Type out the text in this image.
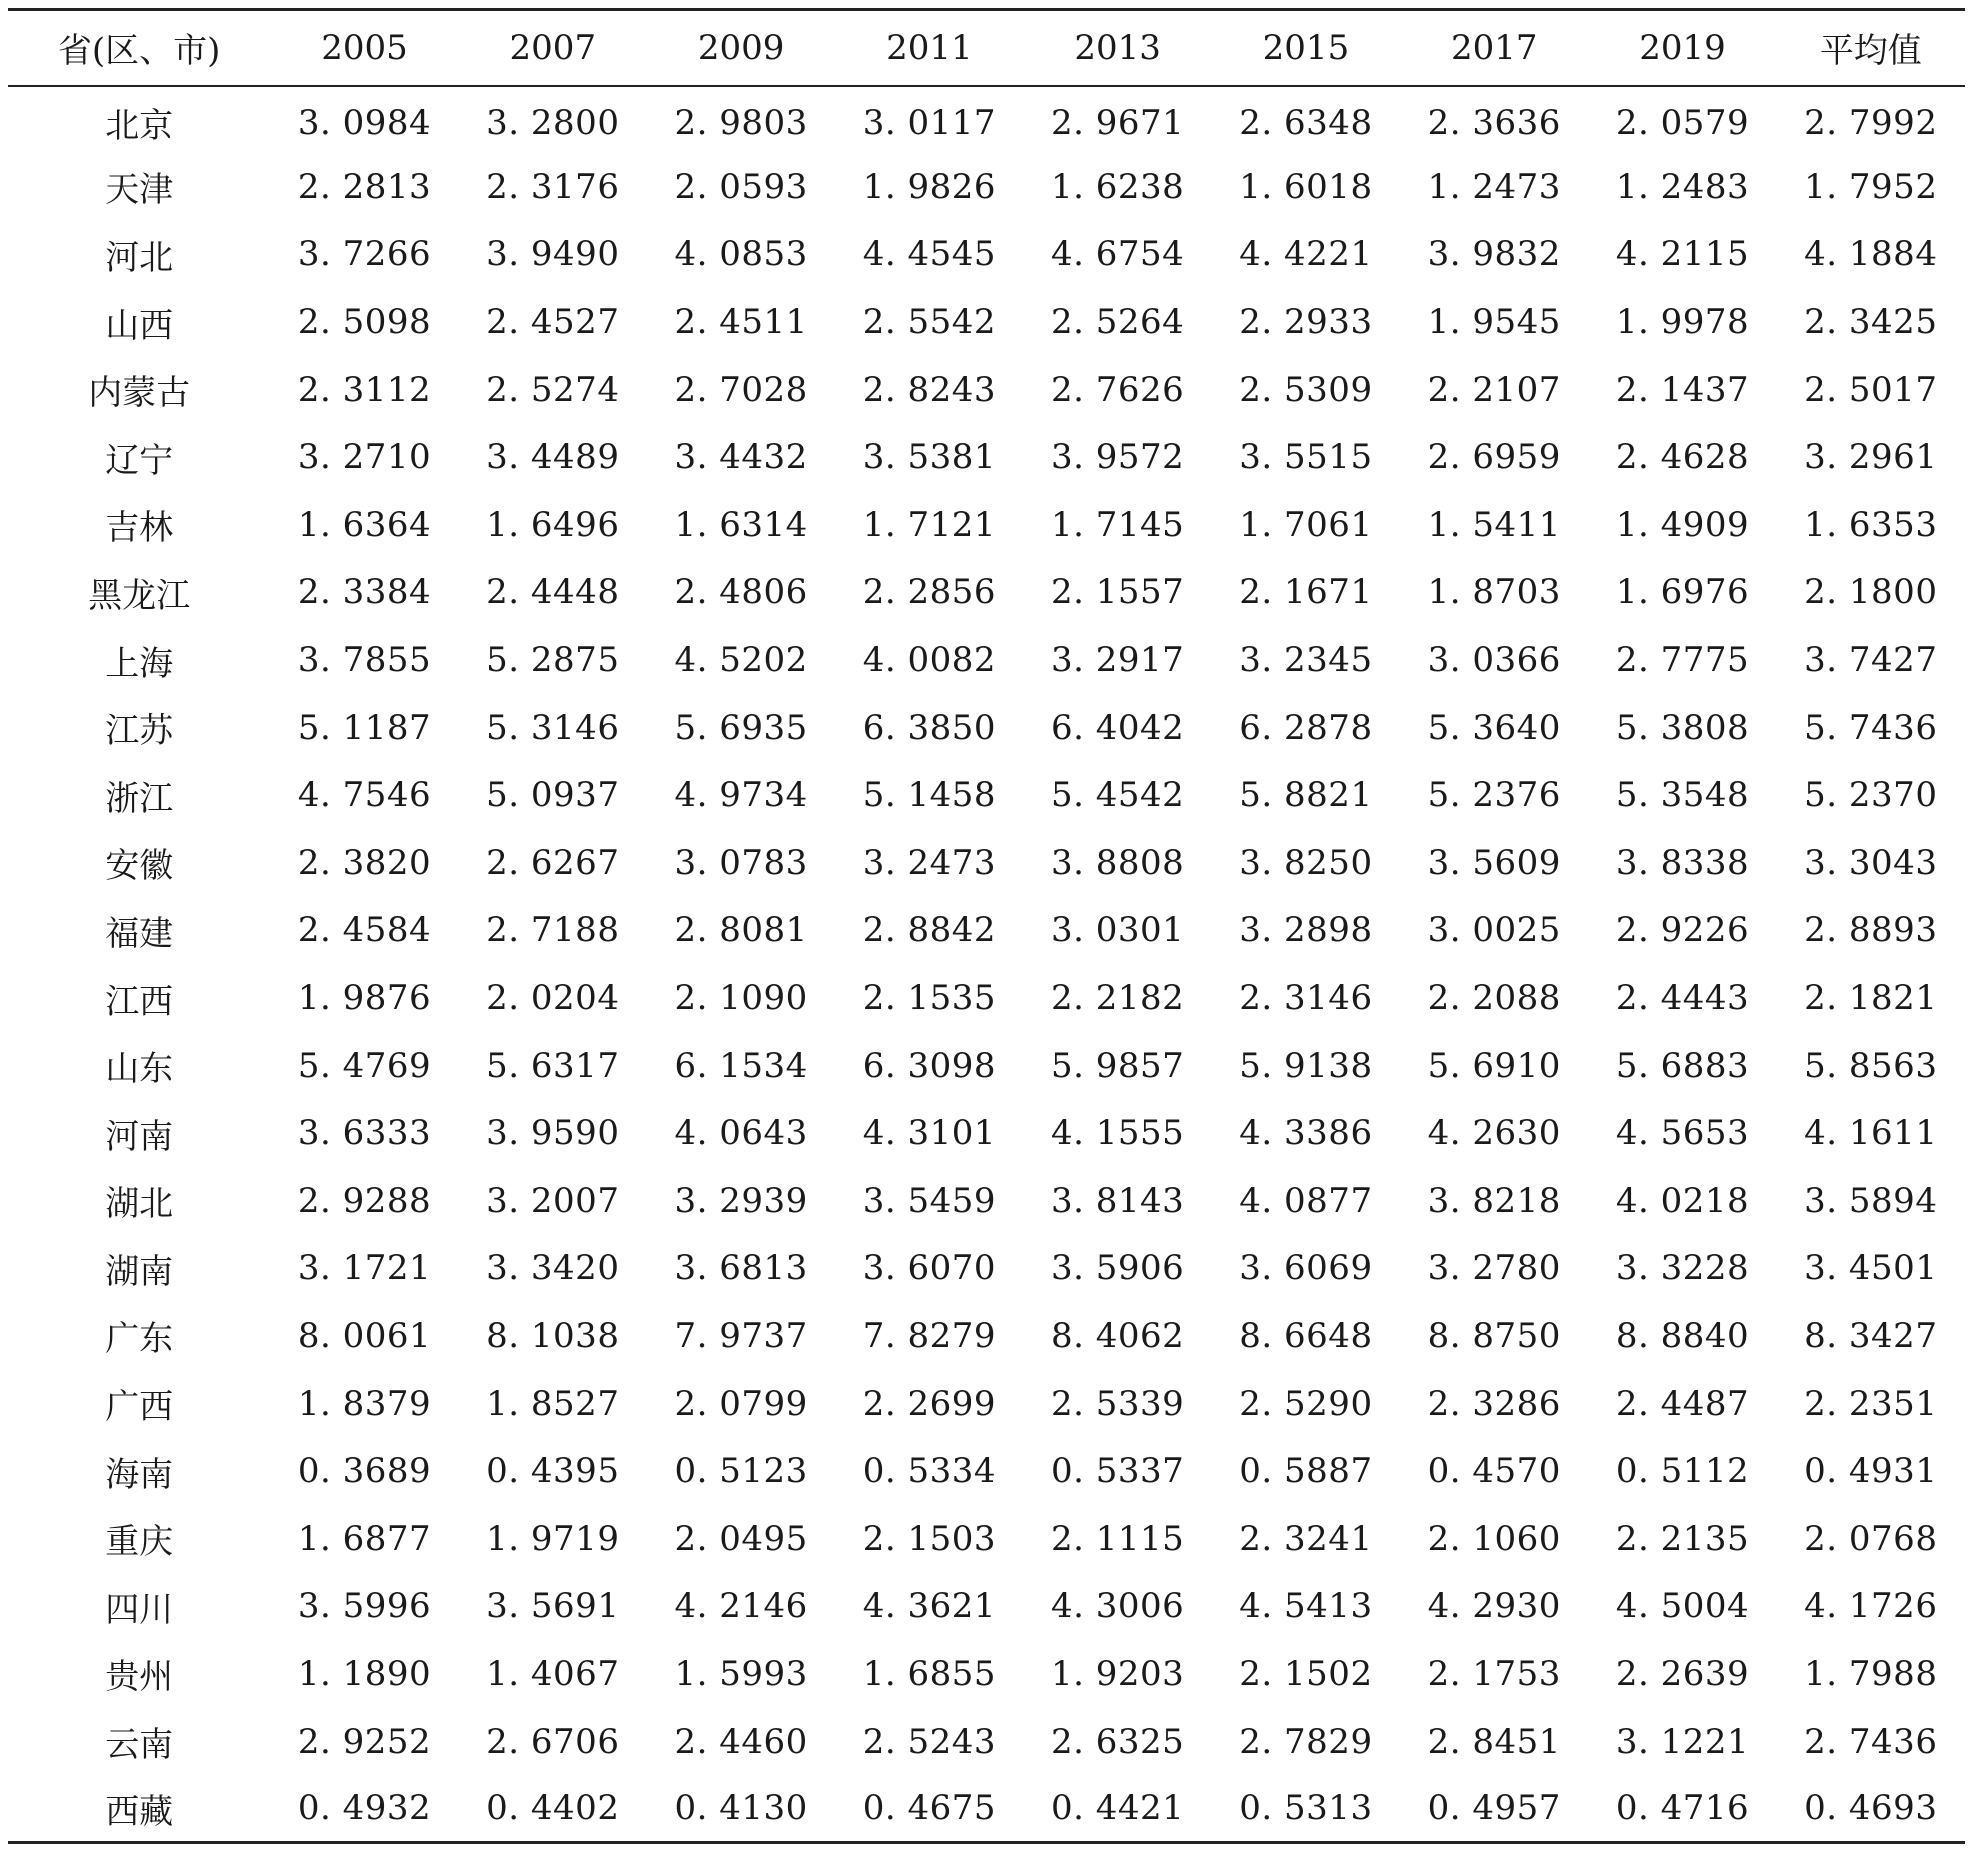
省(区、市)	2005	2007	2009	2011	2013	2015	2017	2019	平均值
北京	3. 0984	3. 2800	2. 9803	3. 0117	2. 9671	2. 6348	2. 3636	2. 0579	2. 7992
天津	2. 2813	2. 3176	2. 0593	1. 9826	1. 6238	1. 6018	1. 2473	1. 2483	1. 7952
河北	3. 7266	3. 9490	4. 0853	4. 4545	4. 6754	4. 4221	3. 9832	4. 2115	4. 1884
山西	2. 5098	2. 4527	2. 4511	2. 5542	2. 5264	2. 2933	1. 9545	1. 9978	2. 3425
内蒙古	2. 3112	2. 5274	2. 7028	2. 8243	2. 7626	2. 5309	2. 2107	2. 1437	2. 5017
辽宁	3. 2710	3. 4489	3. 4432	3. 5381	3. 9572	3. 5515	2. 6959	2. 4628	3. 2961
吉林	1. 6364	1. 6496	1. 6314	1. 7121	1. 7145	1. 7061	1. 5411	1. 4909	1. 6353
黑龙江	2. 3384	2. 4448	2. 4806	2. 2856	2. 1557	2. 1671	1. 8703	1. 6976	2. 1800
上海	3. 7855	5. 2875	4. 5202	4. 0082	3. 2917	3. 2345	3. 0366	2. 7775	3. 7427
江苏	5. 1187	5. 3146	5. 6935	6. 3850	6. 4042	6. 2878	5. 3640	5. 3808	5. 7436
浙江	4. 7546	5. 0937	4. 9734	5. 1458	5. 4542	5. 8821	5. 2376	5. 3548	5. 2370
安徽	2. 3820	2. 6267	3. 0783	3. 2473	3. 8808	3. 8250	3. 5609	3. 8338	3. 3043
福建	2. 4584	2. 7188	2. 8081	2. 8842	3. 0301	3. 2898	3. 0025	2. 9226	2. 8893
江西	1. 9876	2. 0204	2. 1090	2. 1535	2. 2182	2. 3146	2. 2088	2. 4443	2. 1821
山东	5. 4769	5. 6317	6. 1534	6. 3098	5. 9857	5. 9138	5. 6910	5. 6883	5. 8563
河南	3. 6333	3. 9590	4. 0643	4. 3101	4. 1555	4. 3386	4. 2630	4. 5653	4. 1611
湖北	2. 9288	3. 2007	3. 2939	3. 5459	3. 8143	4. 0877	3. 8218	4. 0218	3. 5894
湖南	3. 1721	3. 3420	3. 6813	3. 6070	3. 5906	3. 6069	3. 2780	3. 3228	3. 4501
广东	8. 0061	8. 1038	7. 9737	7. 8279	8. 4062	8. 6648	8. 8750	8. 8840	8. 3427
广西	1. 8379	1. 8527	2. 0799	2. 2699	2. 5339	2. 5290	2. 3286	2. 4487	2. 2351
海南	0. 3689	0. 4395	0. 5123	0. 5334	0. 5337	0. 5887	0. 4570	0. 5112	0. 4931
重庆	1. 6877	1. 9719	2. 0495	2. 1503	2. 1115	2. 3241	2. 1060	2. 2135	2. 0768
四川	3. 5996	3. 5691	4. 2146	4. 3621	4. 3006	4. 5413	4. 2930	4. 5004	4. 1726
贵州	1. 1890	1. 4067	1. 5993	1. 6855	1. 9203	2. 1502	2. 1753	2. 2639	1. 7988
云南	2. 9252	2. 6706	2. 4460	2. 5243	2. 6325	2. 7829	2. 8451	3. 1221	2. 7436
西藏	0. 4932	0. 4402	0. 4130	0. 4675	0. 4421	0. 5313	0. 4957	0. 4716	0. 4693
